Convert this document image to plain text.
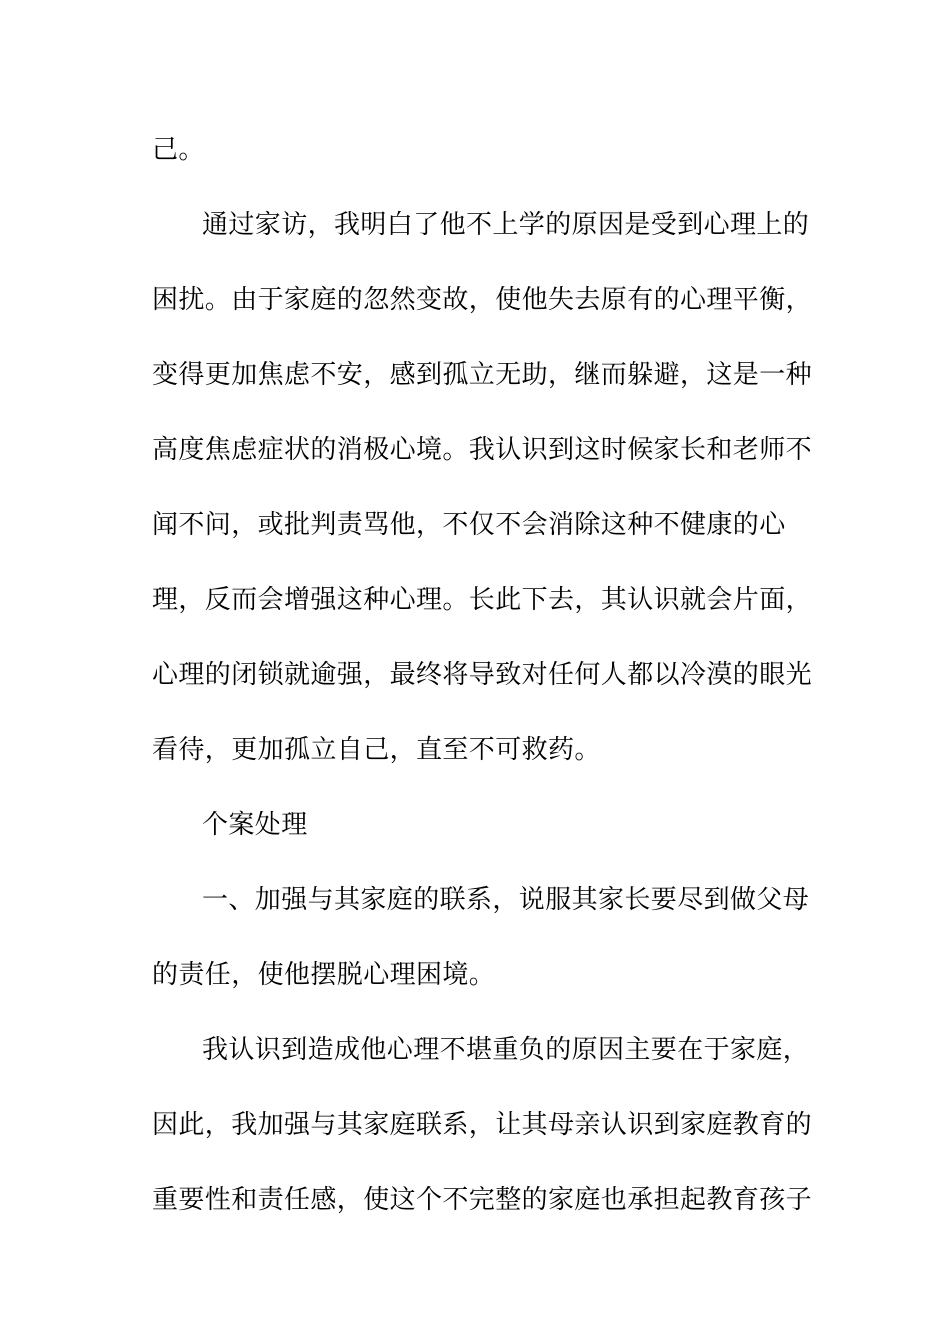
己。
通过家访，我明白了他不上学的原因是受到心理上的
困扰。由于家庭的忽然变故，使他失去原有的心理平衡，
变得更加焦虑不安，感到孤立无助，继而躲避，这是一种
高度焦虑症状的消极心境。我认识到这时候家长和老师不
闻不问，或批判责骂他，不仅不会消除这种不健康的心
理，反而会增强这种心理。长此下去，其认识就会片面，
心理的闭锁就逾强，最终将导致对任何人都以冷漠的眼光
看待，更加孤立自己，直至不可救药。
个案处理
一、加强与其家庭的联系，说服其家长要尽到做父母
的责任，使他摆脱心理困境。
我认识到造成他心理不堪重负的原因主要在于家庭，
因此，我加强与其家庭联系，让其母亲认识到家庭教育的
重要性和责任感，使这个不完整的家庭也承担起教育孩子
